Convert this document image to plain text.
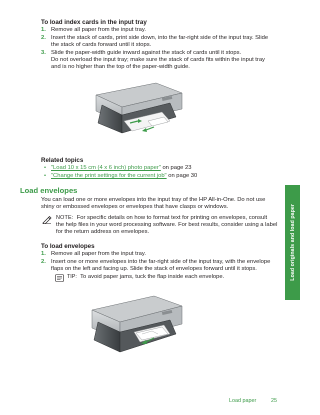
To load index cards in the input tray
1. Remove all paper from the input tray.
2. Insert the stack of cards, print side down, into the far-right side of the input tray. Slide
the stack of cards forward until it stops.
3. Slide the paper-width guide inward against the stack of cards until it stops.
Do not overload the input tray; make sure the stack of cards fits within the input tray
and is no higher than the top of the paper-width guide.
Related topics
• "Load 10 x 15 cm (4 x 6 inch) photo paper" on page 23
• "Change the print settings for the current job" on page 30
Load envelopes
You can load one or more envelopes into the input tray of the HP All-in-One. Do not use
shiny or embossed envelopes or envelopes that have clasps or windows.
NOTE: For specific details on how to format text for printing on envelopes, consult
the help files in your word processing software. For best results, consider using a label
for the return address on envelopes.
To load envelopes
1. Remove all paper from the input tray.
2. Insert one or more envelopes into the far-right side of the input tray, with the envelope
flaps on the left and facing up. Slide the stack of envelopes forward until it stops.
TIP: To avoid paper jams, tuck the flap inside each envelope.
Load paper	25
Load originals and load paper
